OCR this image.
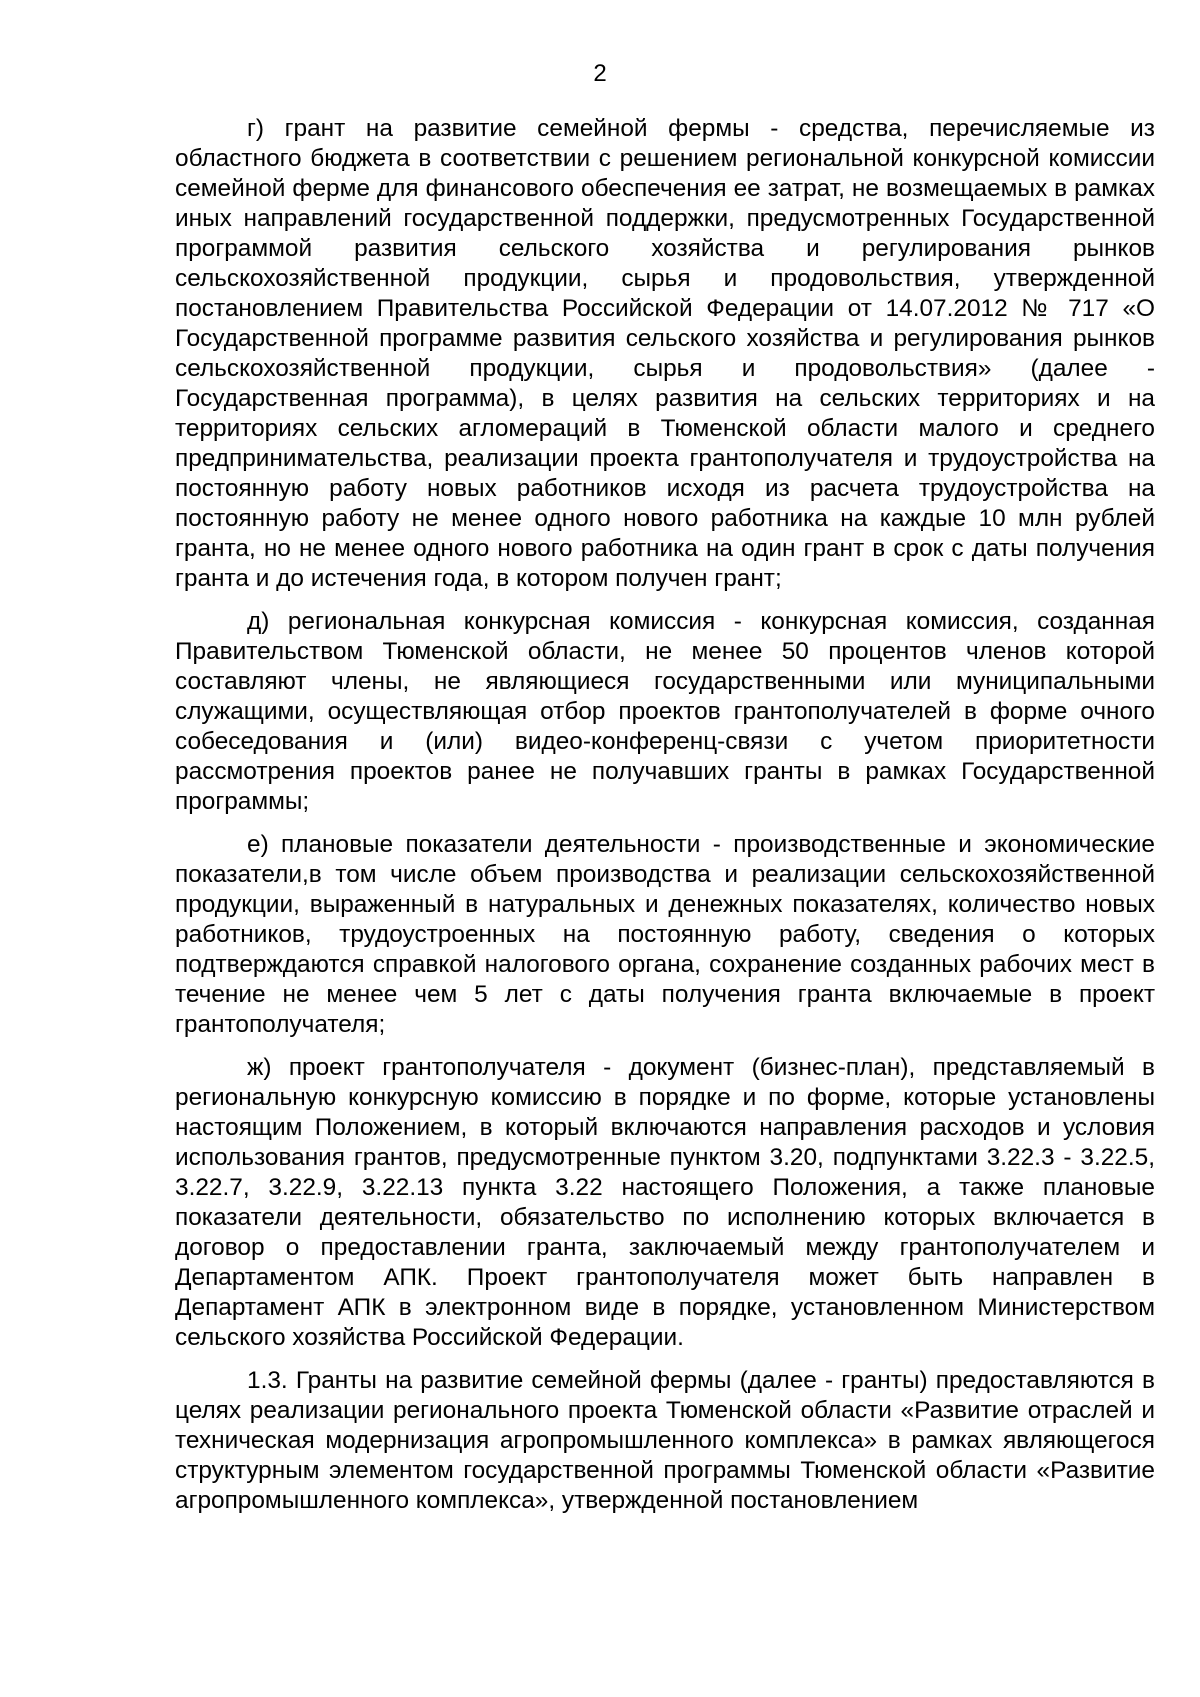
2

г) грант на развитие семейной фермы - средства, перечисляемые из областного бюджета в соответствии с решением региональной конкурсной комиссии семейной ферме для финансового обеспечения ее затрат, не возмещаемых в рамках иных направлений государственной поддержки, предусмотренных Государственной программой развития сельского хозяйства и регулирования рынков сельскохозяйственной продукции, сырья и продовольствия, утвержденной постановлением Правительства Российской Федерации от 14.07.2012 № 717 «О Государственной программе развития сельского хозяйства и регулирования рынков сельскохозяйственной продукции, сырья и продовольствия» (далее - Государственная программа), в целях развития на сельских территориях и на территориях сельских агломераций в Тюменской области малого и среднего предпринимательства, реализации проекта грантополучателя и трудоустройства на постоянную работу новых работников исходя из расчета трудоустройства на постоянную работу не менее одного нового работника на каждые 10 млн рублей гранта, но не менее одного нового работника на один грант в срок с даты получения гранта и до истечения года, в котором получен грант;

д) региональная конкурсная комиссия - конкурсная комиссия, созданная Правительством Тюменской области, не менее 50 процентов членов которой составляют члены, не являющиеся государственными или муниципальными служащими, осуществляющая отбор проектов грантополучателей в форме очного собеседования и (или) видео-конференц-связи с учетом приоритетности рассмотрения проектов ранее не получавших гранты в рамках Государственной программы;

е) плановые показатели деятельности - производственные и экономические показатели,в том числе объем производства и реализации сельскохозяйственной продукции, выраженный в натуральных и денежных показателях, количество новых работников, трудоустроенных на постоянную работу, сведения о которых подтверждаются справкой налогового органа, сохранение созданных рабочих мест в течение не менее чем 5 лет с даты получения гранта включаемые в проект грантополучателя;

ж) проект грантополучателя - документ (бизнес-план), представляемый в региональную конкурсную комиссию в порядке и по форме, которые установлены настоящим Положением, в который включаются направления расходов и условия использования грантов, предусмотренные пунктом 3.20, подпунктами 3.22.3 - 3.22.5, 3.22.7, 3.22.9, 3.22.13 пункта 3.22 настоящего Положения, а также плановые показатели деятельности, обязательство по исполнению которых включается в договор о предоставлении гранта, заключаемый между грантополучателем и Департаментом АПК. Проект грантополучателя может быть направлен в Департамент АПК в электронном виде в порядке, установленном Министерством сельского хозяйства Российской Федерации.

1.3. Гранты на развитие семейной фермы (далее - гранты) предоставляются в целях реализации регионального проекта Тюменской области «Развитие отраслей и техническая модернизация агропромышленного комплекса» в рамках являющегося структурным элементом государственной программы Тюменской области «Развитие агропромышленного комплекса», утвержденной постановлением
